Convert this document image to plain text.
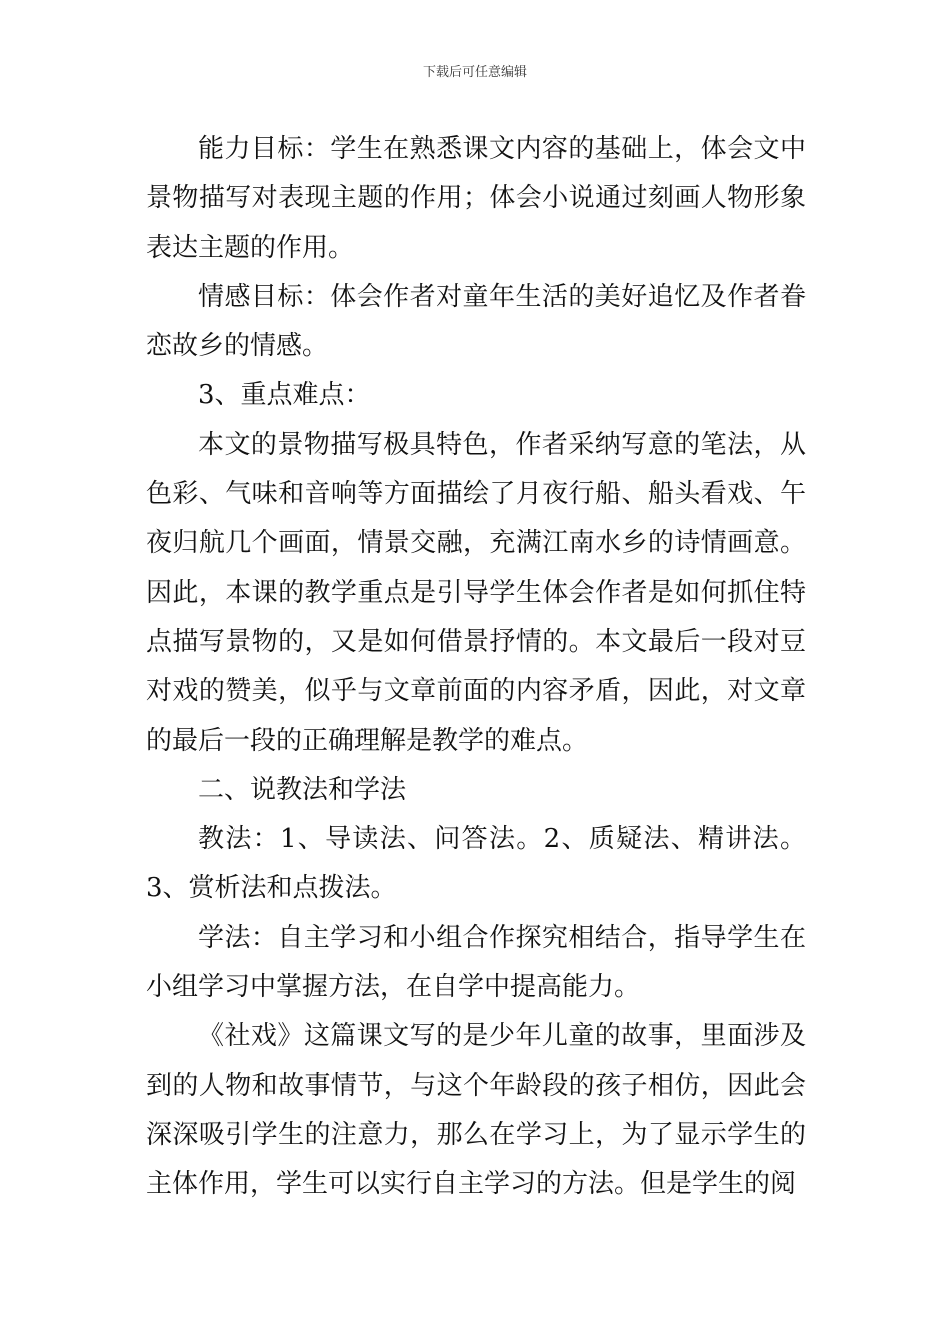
下载后可任意编辑

能力目标：学生在熟悉课文内容的基础上，体会文中景物描写对表现主题的作用；体会小说通过刻画人物形象表达主题的作用。

情感目标：体会作者对童年生活的美好追忆及作者眷恋故乡的情感。

3、重点难点：

本文的景物描写极具特色，作者采纳写意的笔法，从色彩、气味和音响等方面描绘了月夜行船、船头看戏、午夜归航几个画面，情景交融，充满江南水乡的诗情画意。因此，本课的教学重点是引导学生体会作者是如何抓住特点描写景物的，又是如何借景抒情的。本文最后一段对豆对戏的赞美，似乎与文章前面的内容矛盾，因此，对文章的最后一段的正确理解是教学的难点。

二、说教法和学法

教法：1、导读法、问答法。2、质疑法、精讲法。3、赏析法和点拨法。

学法：自主学习和小组合作探究相结合，指导学生在小组学习中掌握方法，在自学中提高能力。

《社戏》这篇课文写的是少年儿童的故事，里面涉及到的人物和故事情节，与这个年龄段的孩子相仿，因此会深深吸引学生的注意力，那么在学习上，为了显示学生的主体作用，学生可以实行自主学习的方法。但是学生的阅
